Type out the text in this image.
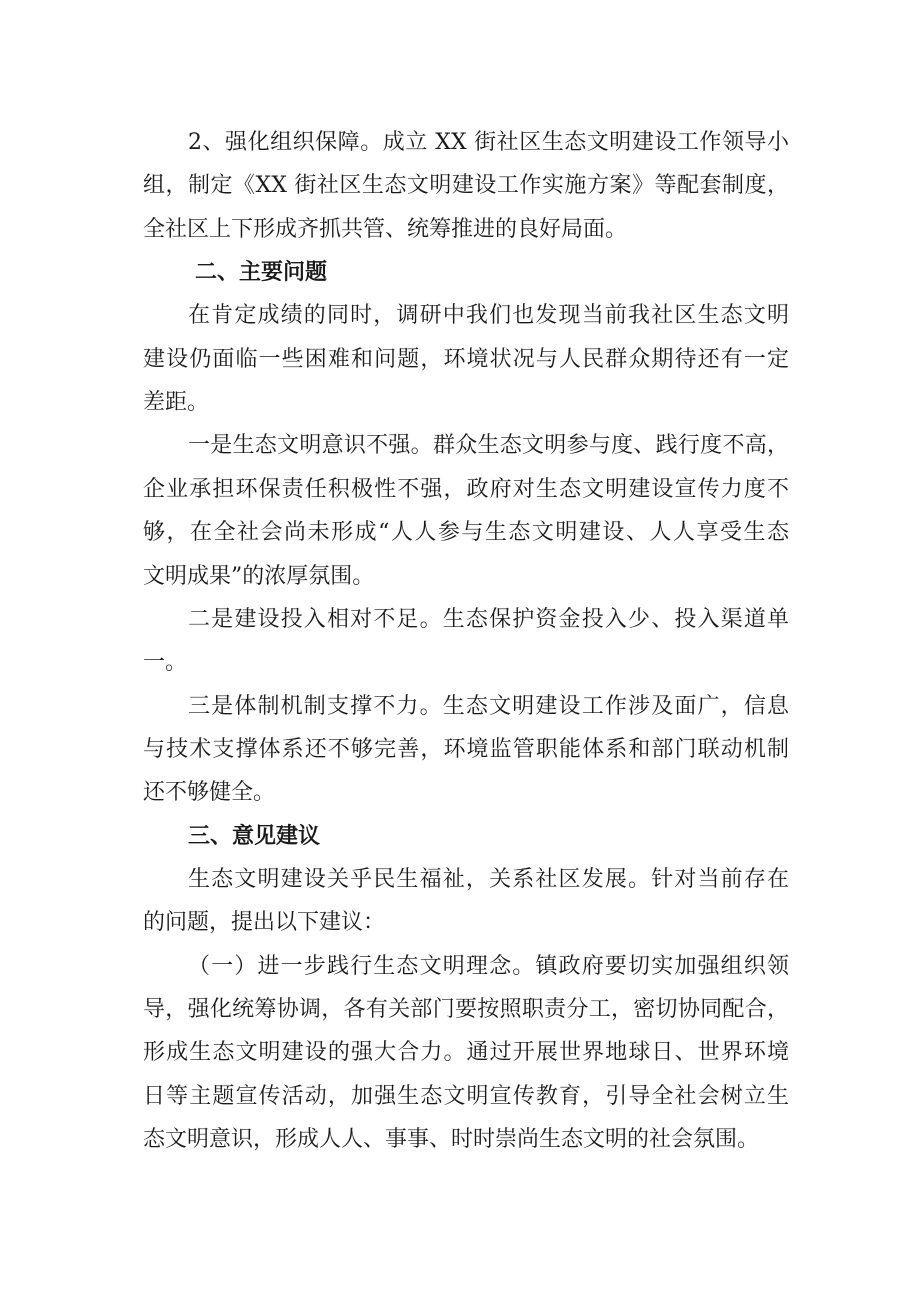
2、强化组织保障。成立 XX 街社区生态文明建设工作领导小
组，制定《XX 街社区生态文明建设工作实施方案》等配套制度，
全社区上下形成齐抓共管、统筹推进的良好局面。
二、主要问题
在肯定成绩的同时，调研中我们也发现当前我社区生态文明
建设仍面临一些困难和问题，环境状况与人民群众期待还有一定
差距。
一是生态文明意识不强。群众生态文明参与度、践行度不高，
企业承担环保责任积极性不强，政府对生态文明建设宣传力度不
够，在全社会尚未形成“人人参与生态文明建设、人人享受生态
文明成果”的浓厚氛围。
二是建设投入相对不足。生态保护资金投入少、投入渠道单
一。
三是体制机制支撑不力。生态文明建设工作涉及面广，信息
与技术支撑体系还不够完善，环境监管职能体系和部门联动机制
还不够健全。
三、意见建议
生态文明建设关乎民生福祉，关系社区发展。针对当前存在
的问题，提出以下建议：
（一）进一步践行生态文明理念。镇政府要切实加强组织领
导，强化统筹协调，各有关部门要按照职责分工，密切协同配合，
形成生态文明建设的强大合力。通过开展世界地球日、世界环境
日等主题宣传活动，加强生态文明宣传教育，引导全社会树立生
态文明意识，形成人人、事事、时时崇尚生态文明的社会氛围。
